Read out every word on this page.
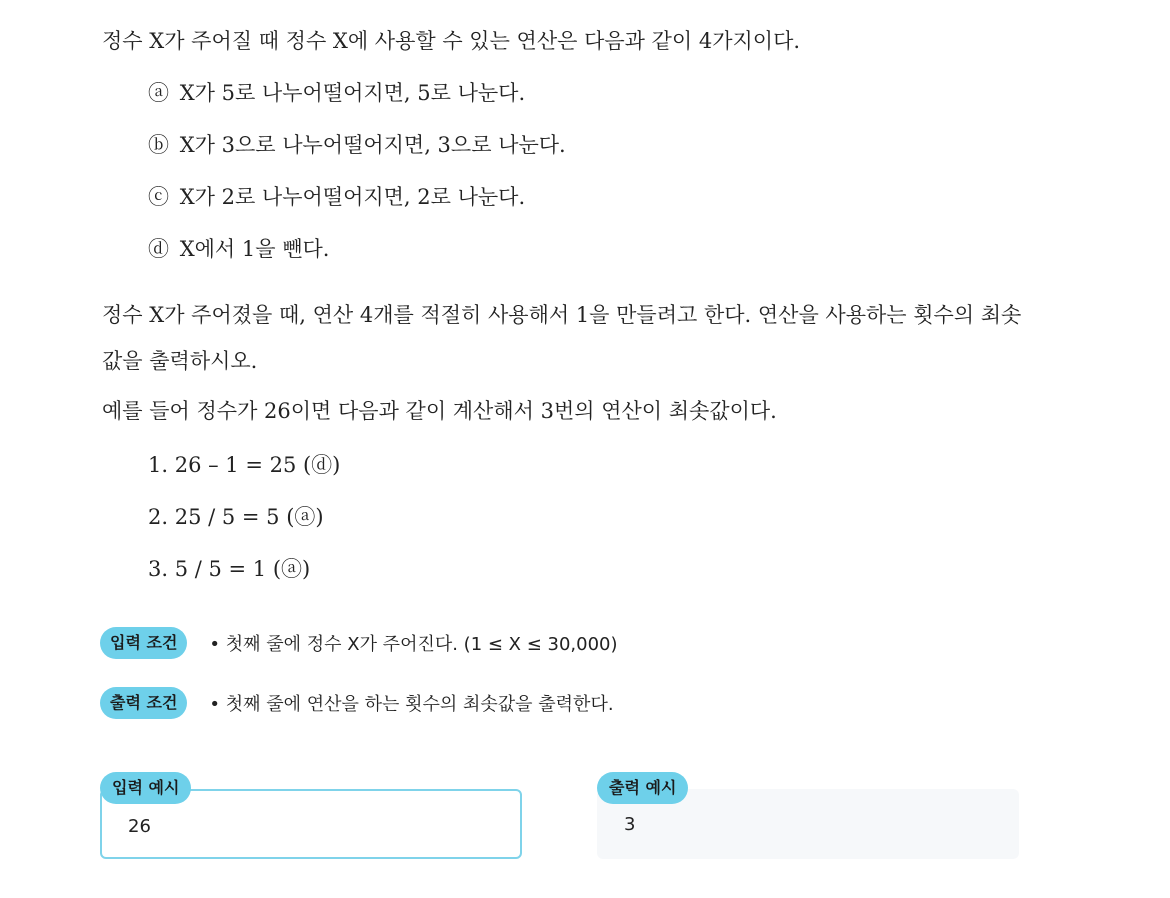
정수 X가 주어질 때 정수 X에 사용할 수 있는 연산은 다음과 같이 4가지이다.

ⓐ X가 5로 나누어떨어지면, 5로 나눈다.
ⓑ X가 3으로 나누어떨어지면, 3으로 나눈다.
ⓒ X가 2로 나누어떨어지면, 2로 나눈다.
ⓓ X에서 1을 뺀다.

정수 X가 주어졌을 때, 연산 4개를 적절히 사용해서 1을 만들려고 한다. 연산을 사용하는 횟수의 최솟값을 출력하시오.

예를 들어 정수가 26이면 다음과 같이 계산해서 3번의 연산이 최솟값이다.

1. 26 – 1 = 25 (ⓓ)
2. 25 / 5 = 5 (ⓐ)
3. 5 / 5 = 1 (ⓐ)
입력 조건	• 첫째 줄에 정수 X가 주어진다. (1 ≤ X ≤ 30,000)
출력 조건	• 첫째 줄에 연산을 하는 횟수의 최솟값을 출력한다.
입력 예시
26
출력 예시
3
